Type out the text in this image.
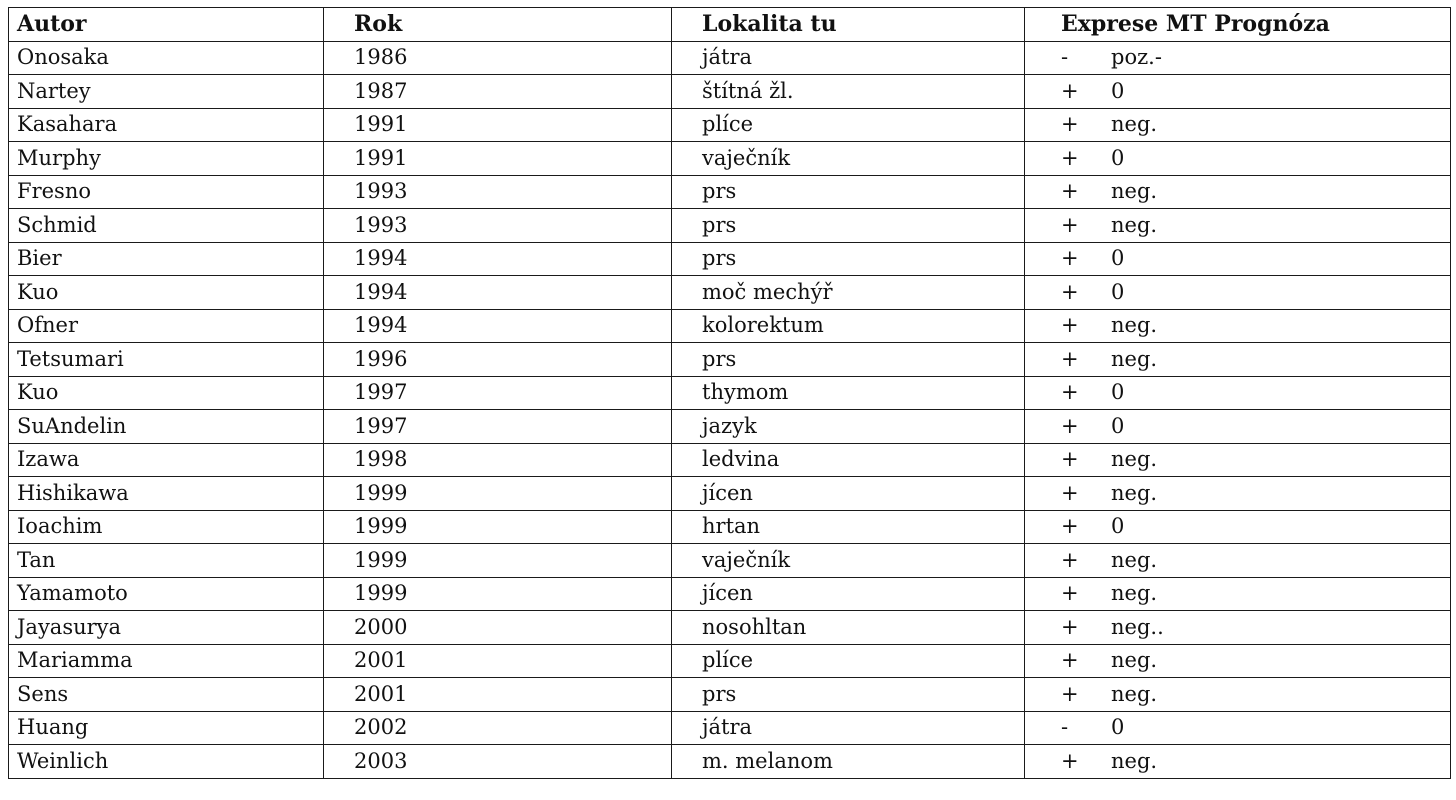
Autor	Rok	Lokalita tu	Exprese MT Prognóza
Onosaka	1986	játra	- poz.-
Nartey	1987	štítná žl.	+ 0
Kasahara	1991	plíce	+ neg.
Murphy	1991	vaječník	+ 0
Fresno	1993	prs	+ neg.
Schmid	1993	prs	+ neg.
Bier	1994	prs	+ 0
Kuo	1994	moč mechýř	+ 0
Ofner	1994	kolorektum	+ neg.
Tetsumari	1996	prs	+ neg.
Kuo	1997	thymom	+ 0
SuAndelin	1997	jazyk	+ 0
Izawa	1998	ledvina	+ neg.
Hishikawa	1999	jícen	+ neg.
Ioachim	1999	hrtan	+ 0
Tan	1999	vaječník	+ neg.
Yamamoto	1999	jícen	+ neg.
Jayasurya	2000	nosohltan	+ neg..
Mariamma	2001	plíce	+ neg.
Sens	2001	prs	+ neg.
Huang	2002	játra	- 0
Weinlich	2003	m. melanom	+ neg.
